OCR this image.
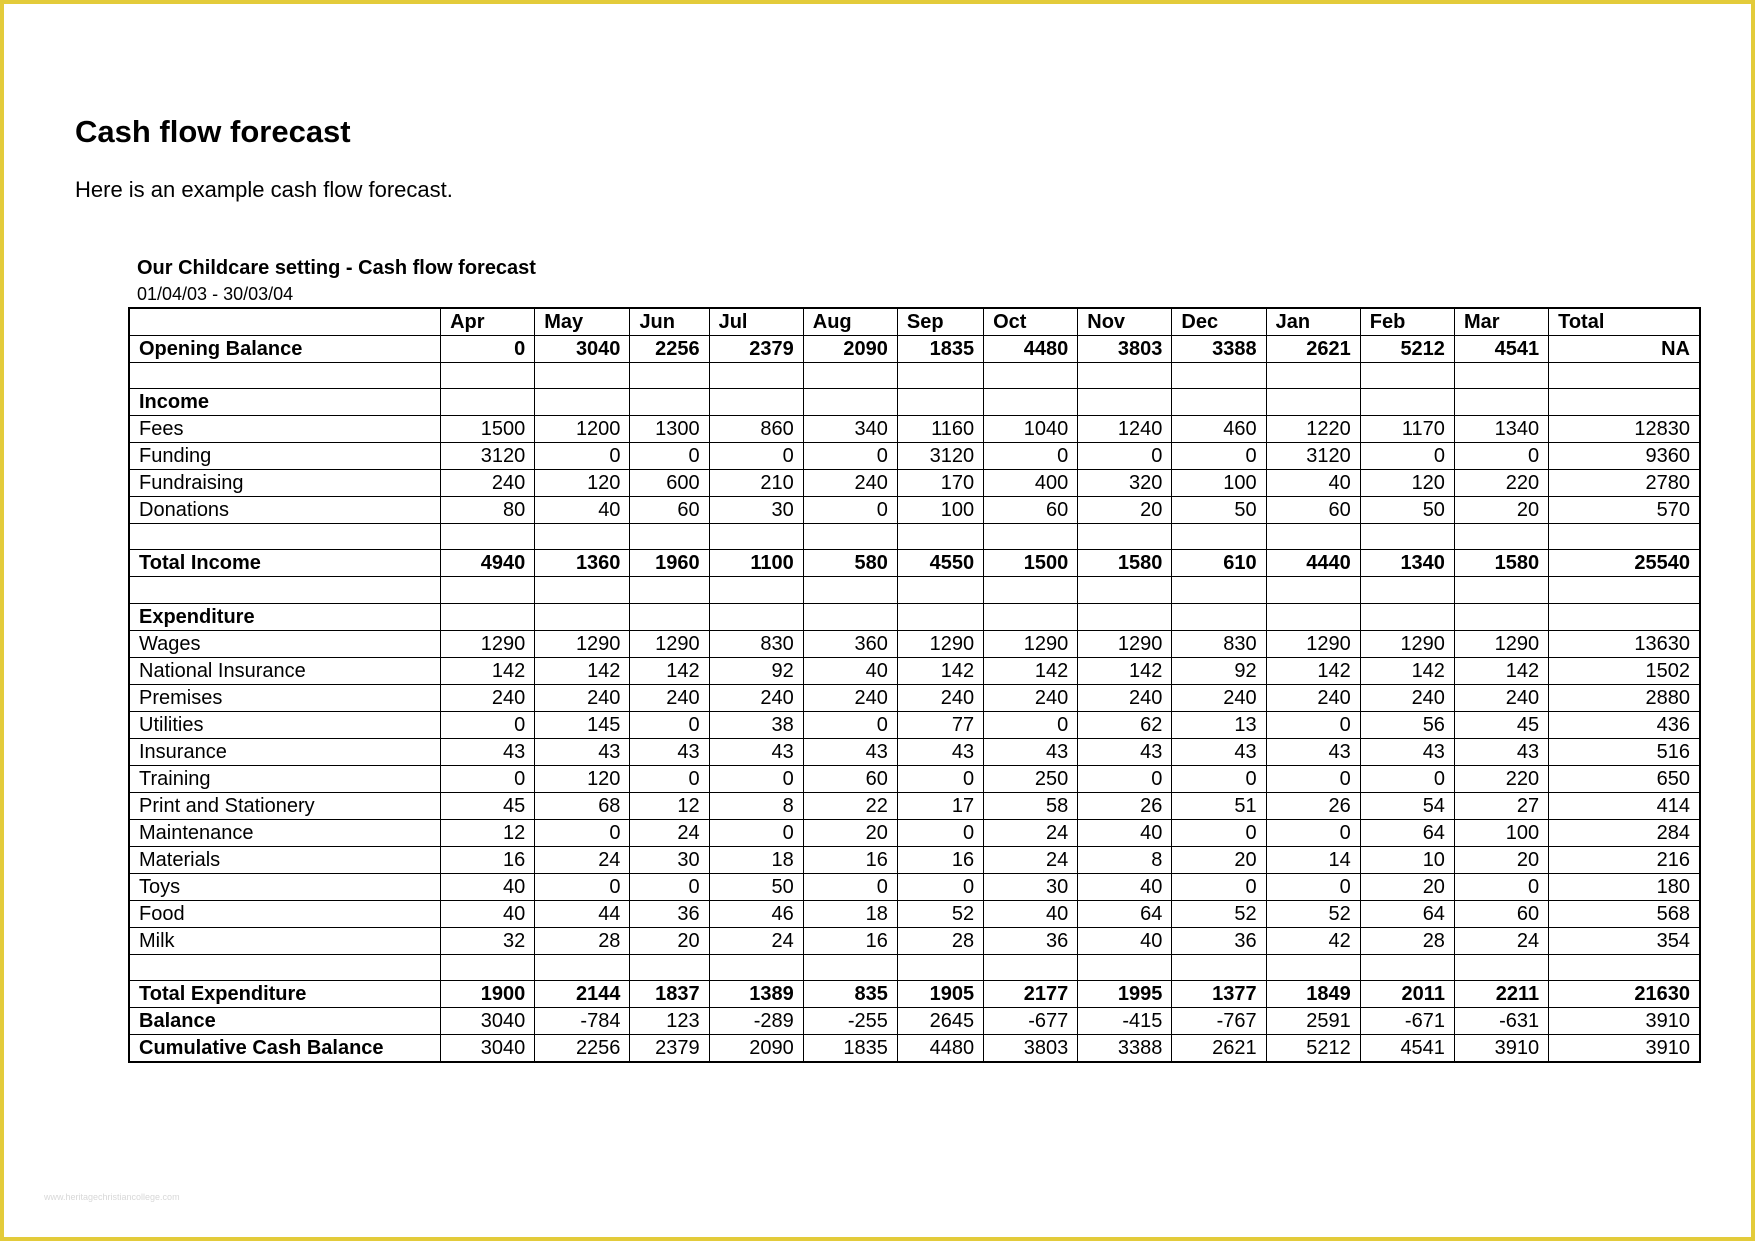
Cash flow forecast

Here is an example cash flow forecast.

Our Childcare setting - Cash flow forecast
01/04/03 - 30/03/04
	Apr	May	Jun	Jul	Aug	Sep	Oct	Nov	Dec	Jan	Feb	Mar	Total
Opening Balance	0	3040	2256	2379	2090	1835	4480	3803	3388	2621	5212	4541	NA

Income													
Fees	1500	1200	1300	860	340	1160	1040	1240	460	1220	1170	1340	12830
Funding	3120	0	0	0	0	3120	0	0	0	3120	0	0	9360
Fundraising	240	120	600	210	240	170	400	320	100	40	120	220	2780
Donations	80	40	60	30	0	100	60	20	50	60	50	20	570

Total Income	4940	1360	1960	1100	580	4550	1500	1580	610	4440	1340	1580	25540

Expenditure													
Wages	1290	1290	1290	830	360	1290	1290	1290	830	1290	1290	1290	13630
National Insurance	142	142	142	92	40	142	142	142	92	142	142	142	1502
Premises	240	240	240	240	240	240	240	240	240	240	240	240	2880
Utilities	0	145	0	38	0	77	0	62	13	0	56	45	436
Insurance	43	43	43	43	43	43	43	43	43	43	43	43	516
Training	0	120	0	0	60	0	250	0	0	0	0	220	650
Print and Stationery	45	68	12	8	22	17	58	26	51	26	54	27	414
Maintenance	12	0	24	0	20	0	24	40	0	0	64	100	284
Materials	16	24	30	18	16	16	24	8	20	14	10	20	216
Toys	40	0	0	50	0	0	30	40	0	0	20	0	180
Food	40	44	36	46	18	52	40	64	52	52	64	60	568
Milk	32	28	20	24	16	28	36	40	36	42	28	24	354

Total Expenditure	1900	2144	1837	1389	835	1905	2177	1995	1377	1849	2011	2211	21630
Balance	3040	-784	123	-289	-255	2645	-677	-415	-767	2591	-671	-631	3910
Cumulative Cash Balance	3040	2256	2379	2090	1835	4480	3803	3388	2621	5212	4541	3910	3910
www.heritagechristiancollege.com
